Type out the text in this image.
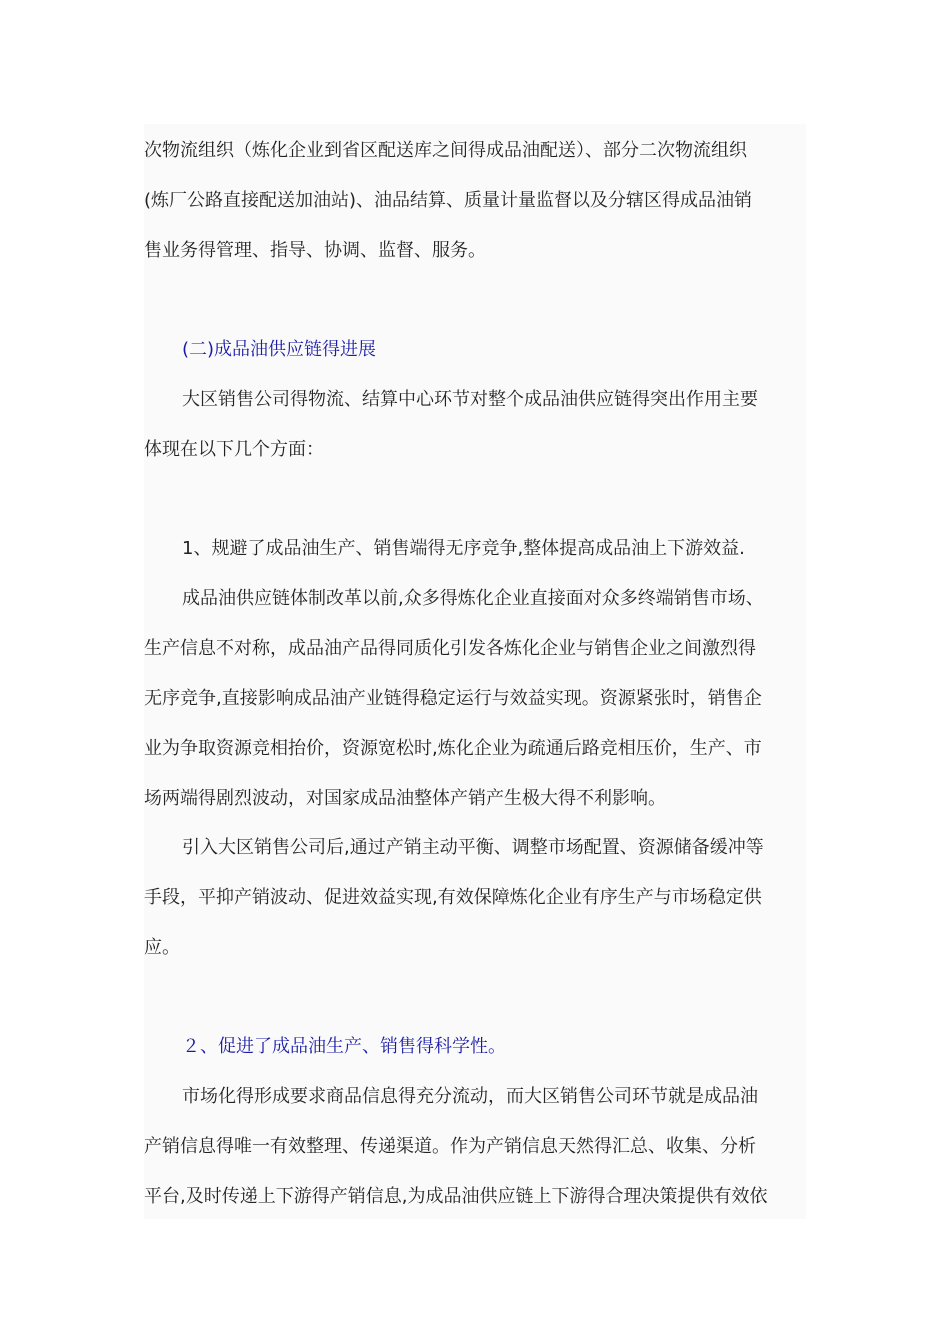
次物流组织（炼化企业到省区配送库之间得成品油配送）、部分二次物流组织
(炼厂公路直接配送加油站)、油品结算、质量计量监督以及分辖区得成品油销
售业务得管理、指导、协调、监督、服务。
(二)成品油供应链得进展
大区销售公司得物流、结算中心环节对整个成品油供应链得突出作用主要
体现在以下几个方面：
1、规避了成品油生产、销售端得无序竞争,整体提高成品油上下游效益.
成品油供应链体制改革以前,众多得炼化企业直接面对众多终端销售市场、
生产信息不对称，成品油产品得同质化引发各炼化企业与销售企业之间激烈得
无序竞争,直接影响成品油产业链得稳定运行与效益实现。资源紧张时，销售企
业为争取资源竞相抬价，资源宽松时,炼化企业为疏通后路竞相压价，生产、市
场两端得剧烈波动，对国家成品油整体产销产生极大得不利影响。
引入大区销售公司后,通过产销主动平衡、调整市场配置、资源储备缓冲等
手段，平抑产销波动、促进效益实现,有效保障炼化企业有序生产与市场稳定供
应。
２、促进了成品油生产、销售得科学性。
市场化得形成要求商品信息得充分流动，而大区销售公司环节就是成品油
产销信息得唯一有效整理、传递渠道。作为产销信息天然得汇总、收集、分析
平台,及时传递上下游得产销信息,为成品油供应链上下游得合理决策提供有效依
